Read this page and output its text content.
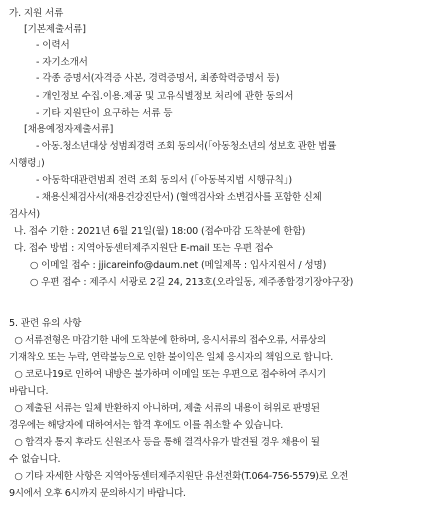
가. 지원 서류
[기본제출서류]
- 이력서
- 자기소개서
- 각종 증명서(자격증 사본, 경력증명서, 최종학력증명서 등)
- 개인정보 수집.이용.제공 및 고유식별정보 처리에 관한 동의서
- 기타 지원단이 요구하는 서류 등
[채용예정자제출서류]
- 아동.청소년대상 성범죄경력 조회 동의서(｢아동청소년의 성보호 관한 법률
시행령｣)
- 아동학대관련범죄 전력 조회 동의서 (｢아동복지법 시행규칙｣)
- 채용신체검사서(채용건강진단서) (혈액검사와 소변검사를 포함한 신체
검사서)
나. 접수 기한 : 2021년 6월 21일(월) 18:00 (접수마감 도착분에 한함)
다. 접수 방법 : 지역아동센터제주지원단 E-mail 또는 우편 접수
○ 이메일 접수 : jjicareinfo@daum.net (메일제목 : 입사지원서 / 성명)
○ 우편 접수 : 제주시 서광로 2길 24, 213호(오라일동, 제주종합경기장야구장)
5. 관련 유의 사항
○ 서류전형은 마감기한 내에 도착분에 한하며, 응시서류의 접수오류, 서류상의
기재착오 또는 누락, 연락불능으로 인한 불이익은 일체 응시자의 책임으로 합니다.
○ 코로나19로 인하여 내방은 불가하며 이메일 또는 우편으로 접수하여 주시기
바랍니다.
○ 제출된 서류는 일체 반환하지 아니하며, 제출 서류의 내용이 허위로 판명된
경우에는 해당자에 대하여서는 합격 후에도 이를 취소할 수 있습니다.
○ 합격자 통지 후라도 신원조사 등을 통해 결격사유가 발견될 경우 채용이 될
수 없습니다.
○ 기타 자세한 사항은 지역아동센터제주지원단 유선전화(T.064-756-5579)로 오전
9시에서 오후 6시까지 문의하시기 바랍니다.
